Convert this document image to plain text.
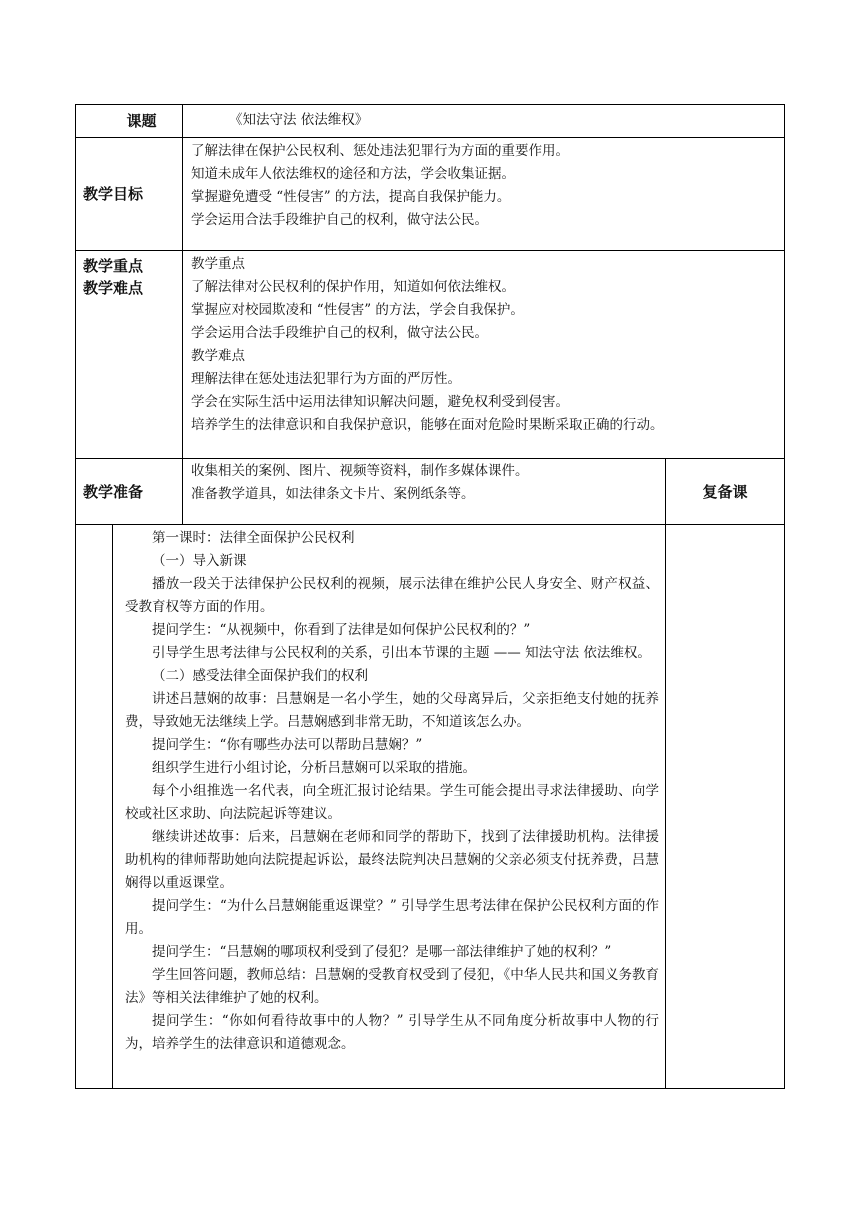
课题	《知法守法 依法维权》
教学目标
了解法律在保护公民权利、惩处违法犯罪行为方面的重要作用。
知道未成年人依法维权的途径和方法，学会收集证据。
掌握避免遭受 “性侵害” 的方法，提高自我保护能力。
学会运用合法手段维护自己的权利，做守法公民。
教学重点
教学难点
教学重点
了解法律对公民权利的保护作用，知道如何依法维权。
掌握应对校园欺凌和 “性侵害” 的方法，学会自我保护。
学会运用合法手段维护自己的权利，做守法公民。
教学难点
理解法律在惩处违法犯罪行为方面的严厉性。
学会在实际生活中运用法律知识解决问题，避免权利受到侵害。
培养学生的法律意识和自我保护意识，能够在面对危险时果断采取正确的行动。
教学准备
收集相关的案例、图片、视频等资料，制作多媒体课件。
准备教学道具，如法律条文卡片、案例纸条等。	复备课

第一课时：法律全面保护公民权利

（一）导入新课

播放一段关于法律保护公民权利的视频，展示法律在维护公民人身安全、财产权益、受教育权等方面的作用。

提问学生：“从视频中，你看到了法律是如何保护公民权利的？”

引导学生思考法律与公民权利的关系，引出本节课的主题 —— 知法守法 依法维权。

（二）感受法律全面保护我们的权利

讲述吕慧娴的故事：吕慧娴是一名小学生，她的父母离异后，父亲拒绝支付她的抚养费，导致她无法继续上学。吕慧娴感到非常无助，不知道该怎么办。

提问学生：“你有哪些办法可以帮助吕慧娴？”

组织学生进行小组讨论，分析吕慧娴可以采取的措施。

每个小组推选一名代表，向全班汇报讨论结果。学生可能会提出寻求法律援助、向学校或社区求助、向法院起诉等建议。

继续讲述故事：后来，吕慧娴在老师和同学的帮助下，找到了法律援助机构。法律援助机构的律师帮助她向法院提起诉讼，最终法院判决吕慧娴的父亲必须支付抚养费，吕慧娴得以重返课堂。

提问学生：“为什么吕慧娴能重返课堂？” 引导学生思考法律在保护公民权利方面的作用。

提问学生：“吕慧娴的哪项权利受到了侵犯？是哪一部法律维护了她的权利？”

学生回答问题，教师总结：吕慧娴的受教育权受到了侵犯，《中华人民共和国义务教育法》等相关法律维护了她的权利。

提问学生：“你如何看待故事中的人物？” 引导学生从不同角度分析故事中人物的行为，培养学生的法律意识和道德观念。
